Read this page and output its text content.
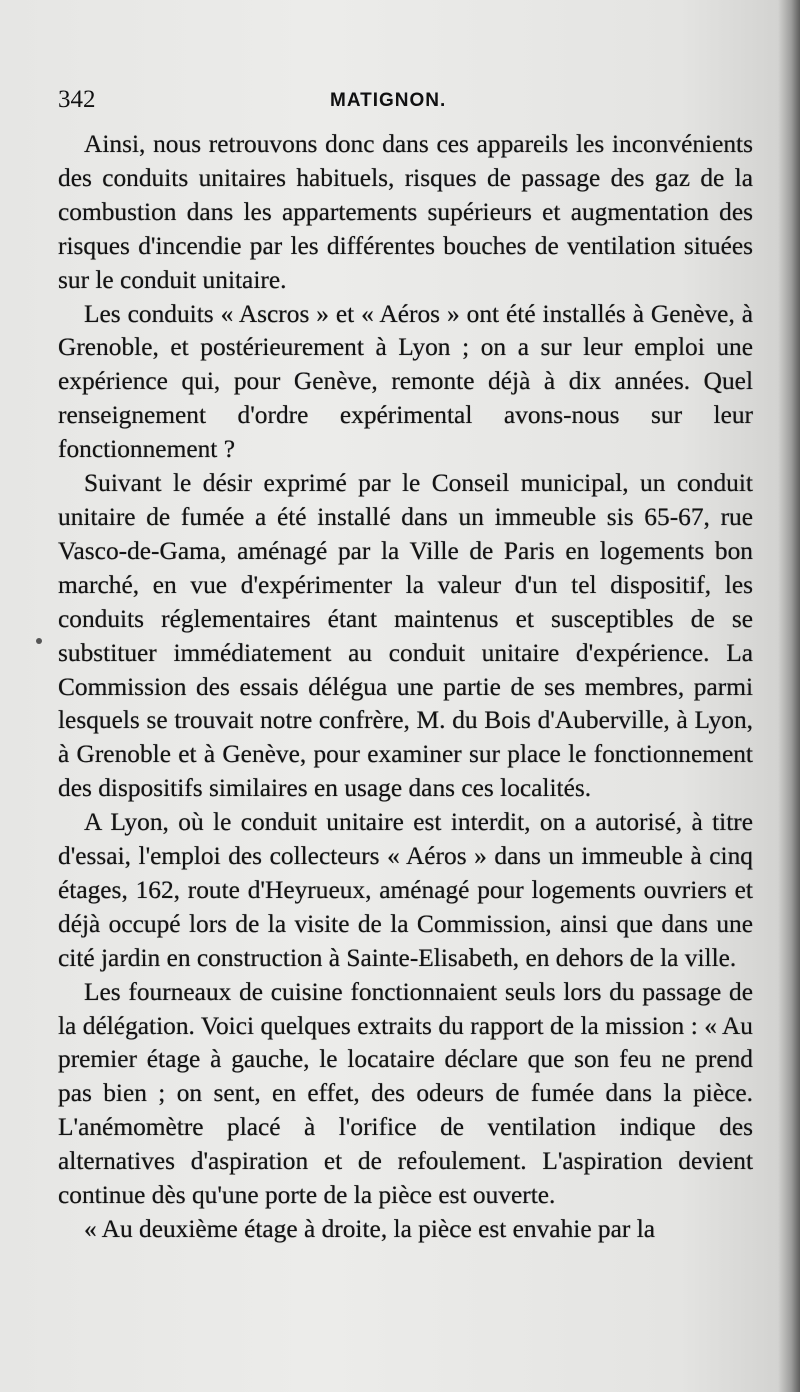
342	MATIGNON.

Ainsi, nous retrouvons donc dans ces appareils les inconvénients des conduits unitaires habituels, risques de passage des gaz de la combustion dans les appartements supérieurs et augmentation des risques d'incendie par les différentes bouches de ventilation situées sur le conduit unitaire.

Les conduits « Ascros » et « Aéros » ont été installés à Genève, à Grenoble, et postérieurement à Lyon ; on a sur leur emploi une expérience qui, pour Genève, remonte déjà à dix années. Quel renseignement d'ordre expérimental avons-nous sur leur fonctionnement ?

Suivant le désir exprimé par le Conseil municipal, un conduit unitaire de fumée a été installé dans un immeuble sis 65-67, rue Vasco-de-Gama, aménagé par la Ville de Paris en logements bon marché, en vue d'expérimenter la valeur d'un tel dispositif, les conduits réglementaires étant maintenus et susceptibles de se substituer immédiatement au conduit unitaire d'expérience. La Commission des essais délégua une partie de ses membres, parmi lesquels se trouvait notre confrère, M. du Bois d'Auberville, à Lyon, à Grenoble et à Genève, pour examiner sur place le fonctionnement des dispositifs similaires en usage dans ces localités.

A Lyon, où le conduit unitaire est interdit, on a autorisé, à titre d'essai, l'emploi des collecteurs « Aéros » dans un immeuble à cinq étages, 162, route d'Heyrueux, aménagé pour logements ouvriers et déjà occupé lors de la visite de la Commission, ainsi que dans une cité jardin en construction à Sainte-Elisabeth, en dehors de la ville.

Les fourneaux de cuisine fonctionnaient seuls lors du passage de la délégation. Voici quelques extraits du rapport de la mission : « Au premier étage à gauche, le locataire déclare que son feu ne prend pas bien ; on sent, en effet, des odeurs de fumée dans la pièce. L'anémomètre placé à l'orifice de ventilation indique des alternatives d'aspiration et de refoulement. L'aspiration devient continue dès qu'une porte de la pièce est ouverte.

« Au deuxième étage à droite, la pièce est envahie par la
